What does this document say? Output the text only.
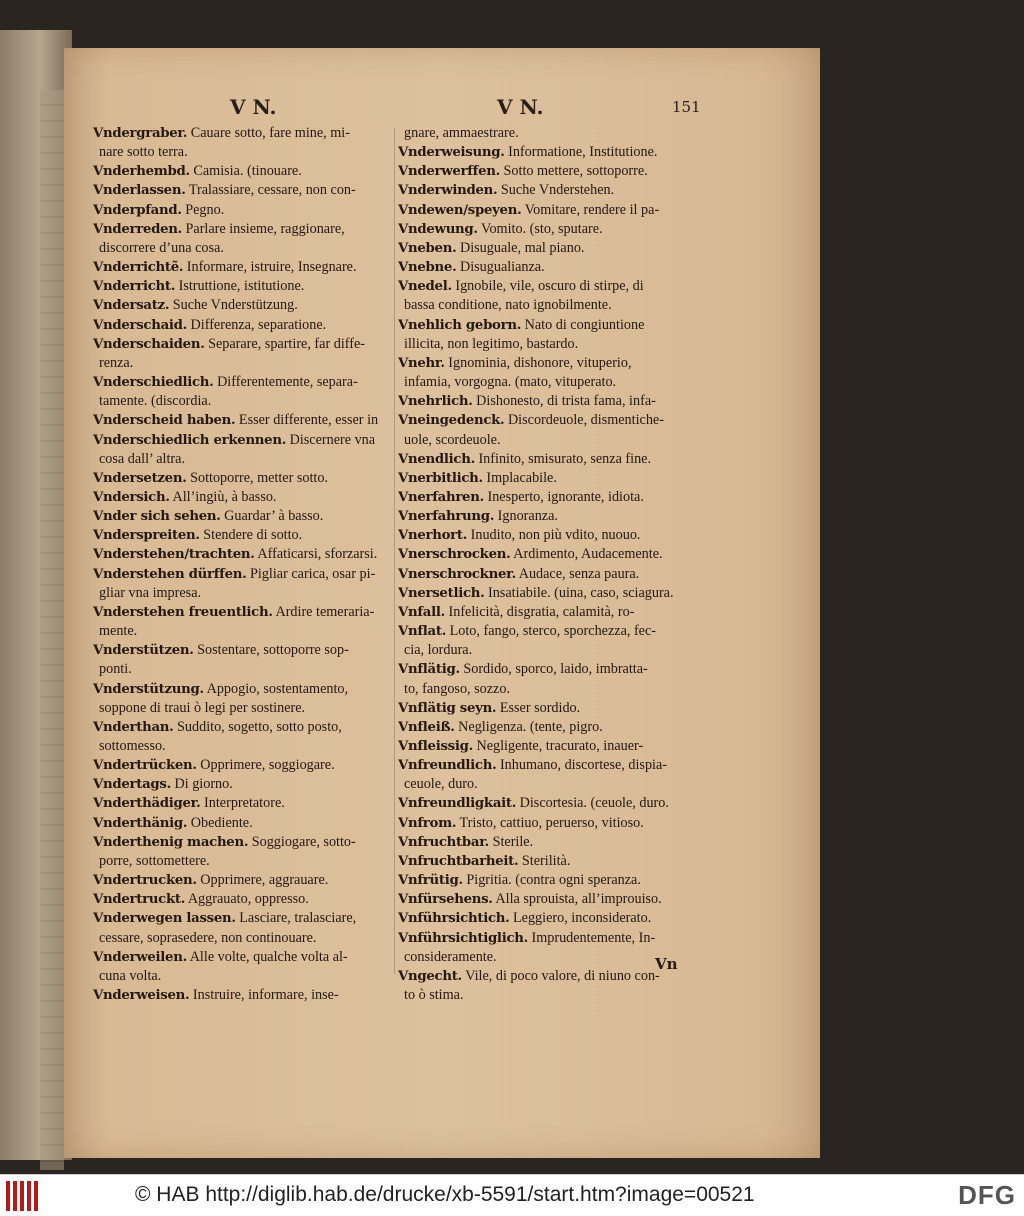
V N.	V N.	151
Vndergraber. Cauare sotto, fare mine, mi-
nare sotto terra.
Vnderhembd. Camisia. (tinouare.
Vnderlassen. Tralassiare, cessare, non con-
Vnderpfand. Pegno.
Vnderreden. Parlare insieme, raggionare,
discorrere d’una cosa.
Vnderrichtẽ. Informare, istruire, Insegnare.
Vnderricht. Istruttione, istitutione.
Vndersatz. Suche Vnderstützung.
Vnderschaid. Differenza, separatione.
Vnderschaiden. Separare, spartire, far diffe-
renza.
Vnderschiedlich. Differentemente, separa-
tamente. (discordia.
Vnderscheid haben. Esser differente, esser in
Vnderschiedlich erkennen. Discernere vna
cosa dall’ altra.
Vndersetzen. Sottoporre, metter sotto.
Vndersich. All’ingiù, à basso.
Vnder sich sehen. Guardar’ à basso.
Vnderspreiten. Stendere di sotto.
Vnderstehen/trachten. Affaticarsi, sforzarsi.
Vnderstehen dürffen. Pigliar carica, osar pi-
gliar vna impresa.
Vnderstehen freuentlich. Ardire temeraria-
mente.
Vnderstützen. Sostentare, sottoporre sop-
ponti.
Vnderstützung. Appogio, sostentamento,
soppone di traui ò legi per sostinere.
Vnderthan. Suddito, sogetto, sotto posto,
sottomesso.
Vndertrücken. Opprimere, soggiogare.
Vndertags. Di giorno.
Vnderthädiger. Interpretatore.
Vnderthänig. Obediente.
Vnderthenig machen. Soggiogare, sotto-
porre, sottomettere.
Vndertrucken. Opprimere, aggrauare.
Vndertruckt. Aggrauato, oppresso.
Vnderwegen lassen. Lasciare, tralasciare,
cessare, soprasedere, non continouare.
Vnderweilen. Alle volte, qualche volta al-
cuna volta.
Vnderweisen. Instruire, informare, inse-
gnare, ammaestrare.
Vnderweisung. Informatione, Institutione.
Vnderwerffen. Sotto mettere, sottoporre.
Vnderwinden. Suche Vnderstehen.
Vndewen/speyen. Vomitare, rendere il pa-
Vndewung. Vomito. (sto, sputare.
Vneben. Disuguale, mal piano.
Vnebne. Disugualianza.
Vnedel. Ignobile, vile, oscuro di stirpe, di
bassa conditione, nato ignobilmente.
Vnehlich geborn. Nato di congiuntione
illicita, non legitimo, bastardo.
Vnehr. Ignominia, dishonore, vituperio,
infamia, vorgogna. (mato, vituperato.
Vnehrlich. Dishonesto, di trista fama, infa-
Vneingedenck. Discordeuole, dismentiche-
uole, scordeuole.
Vnendlich. Infinito, smisurato, senza fine.
Vnerbitlich. Implacabile.
Vnerfahren. Inesperto, ignorante, idiota.
Vnerfahrung. Ignoranza.
Vnerhort. Inudito, non più vdito, nuouo.
Vnerschrocken. Ardimento, Audacemente.
Vnerschrockner. Audace, senza paura.
Vnersetlich. Insatiabile. (uina, caso, sciagura.
Vnfall. Infelicità, disgratia, calamità, ro-
Vnflat. Loto, fango, sterco, sporchezza, fec-
cia, lordura.
Vnflätig. Sordido, sporco, laido, imbratta-
to, fangoso, sozzo.
Vnflätig seyn. Esser sordido.
Vnfleiß. Negligenza. (tente, pigro.
Vnfleissig. Negligente, tracurato, inauer-
Vnfreundlich. Inhumano, discortese, dispia-
ceuole, duro.
Vnfreundligkait. Discortesia. (ceuole, duro.
Vnfrom. Tristo, cattiuo, peruerso, vitioso.
Vnfruchtbar. Sterile.
Vnfruchtbarheit. Sterilità.
Vnfrütig. Pigritia. (contra ogni speranza.
Vnfürsehens. Alla sprouista, all’improuiso.
Vnführsichtich. Leggiero, inconsiderato.
Vnführsichtiglich. Imprudentemente, In-
consideramente.
Vngecht. Vile, di poco valore, di niuno con-
to ò stima.
Vn
© HAB http://diglib.hab.de/drucke/xb-5591/start.htm?image=00521	DFG
